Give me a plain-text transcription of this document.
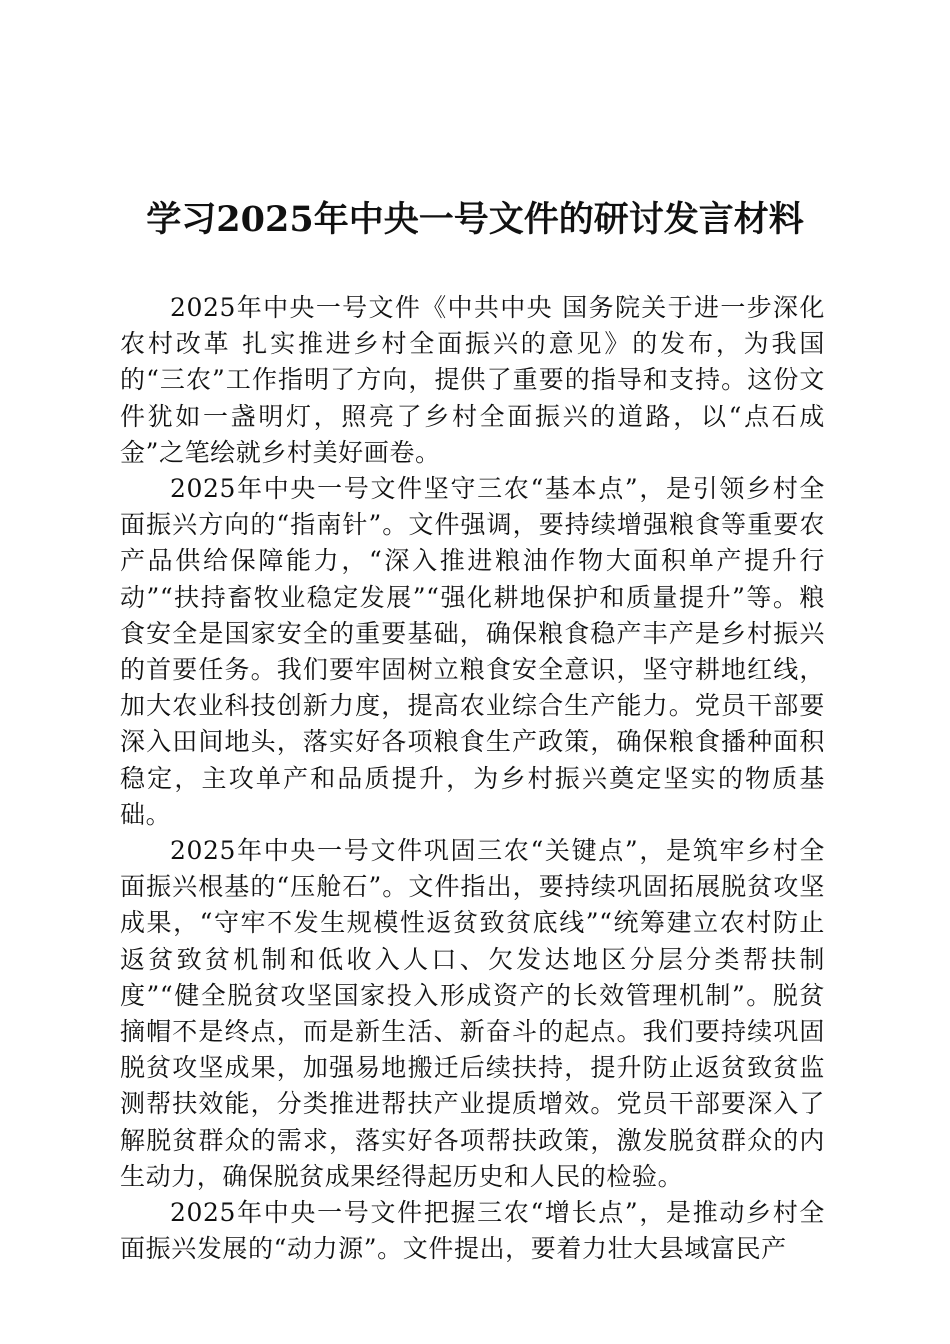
学习2025年中央一号文件的研讨发言材料

2025年中央一号文件《中共中央 国务院关于进一步深化农村改革 扎实推进乡村全面振兴的意见》的发布，为我国的“三农”工作指明了方向，提供了重要的指导和支持。这份文件犹如一盏明灯，照亮了乡村全面振兴的道路，以“点石成金”之笔绘就乡村美好画卷。

2025年中央一号文件坚守三农“基本点”，是引领乡村全面振兴方向的“指南针”。文件强调，要持续增强粮食等重要农产品供给保障能力，“深入推进粮油作物大面积单产提升行动”“扶持畜牧业稳定发展”“强化耕地保护和质量提升”等。粮食安全是国家安全的重要基础，确保粮食稳产丰产是乡村振兴的首要任务。我们要牢固树立粮食安全意识，坚守耕地红线，加大农业科技创新力度，提高农业综合生产能力。党员干部要深入田间地头，落实好各项粮食生产政策，确保粮食播种面积稳定，主攻单产和品质提升，为乡村振兴奠定坚实的物质基础。

2025年中央一号文件巩固三农“关键点”，是筑牢乡村全面振兴根基的“压舱石”。文件指出，要持续巩固拓展脱贫攻坚成果，“守牢不发生规模性返贫致贫底线”“统筹建立农村防止返贫致贫机制和低收入人口、欠发达地区分层分类帮扶制度”“健全脱贫攻坚国家投入形成资产的长效管理机制”。脱贫摘帽不是终点，而是新生活、新奋斗的起点。我们要持续巩固脱贫攻坚成果，加强易地搬迁后续扶持，提升防止返贫致贫监测帮扶效能，分类推进帮扶产业提质增效。党员干部要深入了解脱贫群众的需求，落实好各项帮扶政策，激发脱贫群众的内生动力，确保脱贫成果经得起历史和人民的检验。

2025年中央一号文件把握三农“增长点”，是推动乡村全面振兴发展的“动力源”。文件提出，要着力壮大县域富民产
